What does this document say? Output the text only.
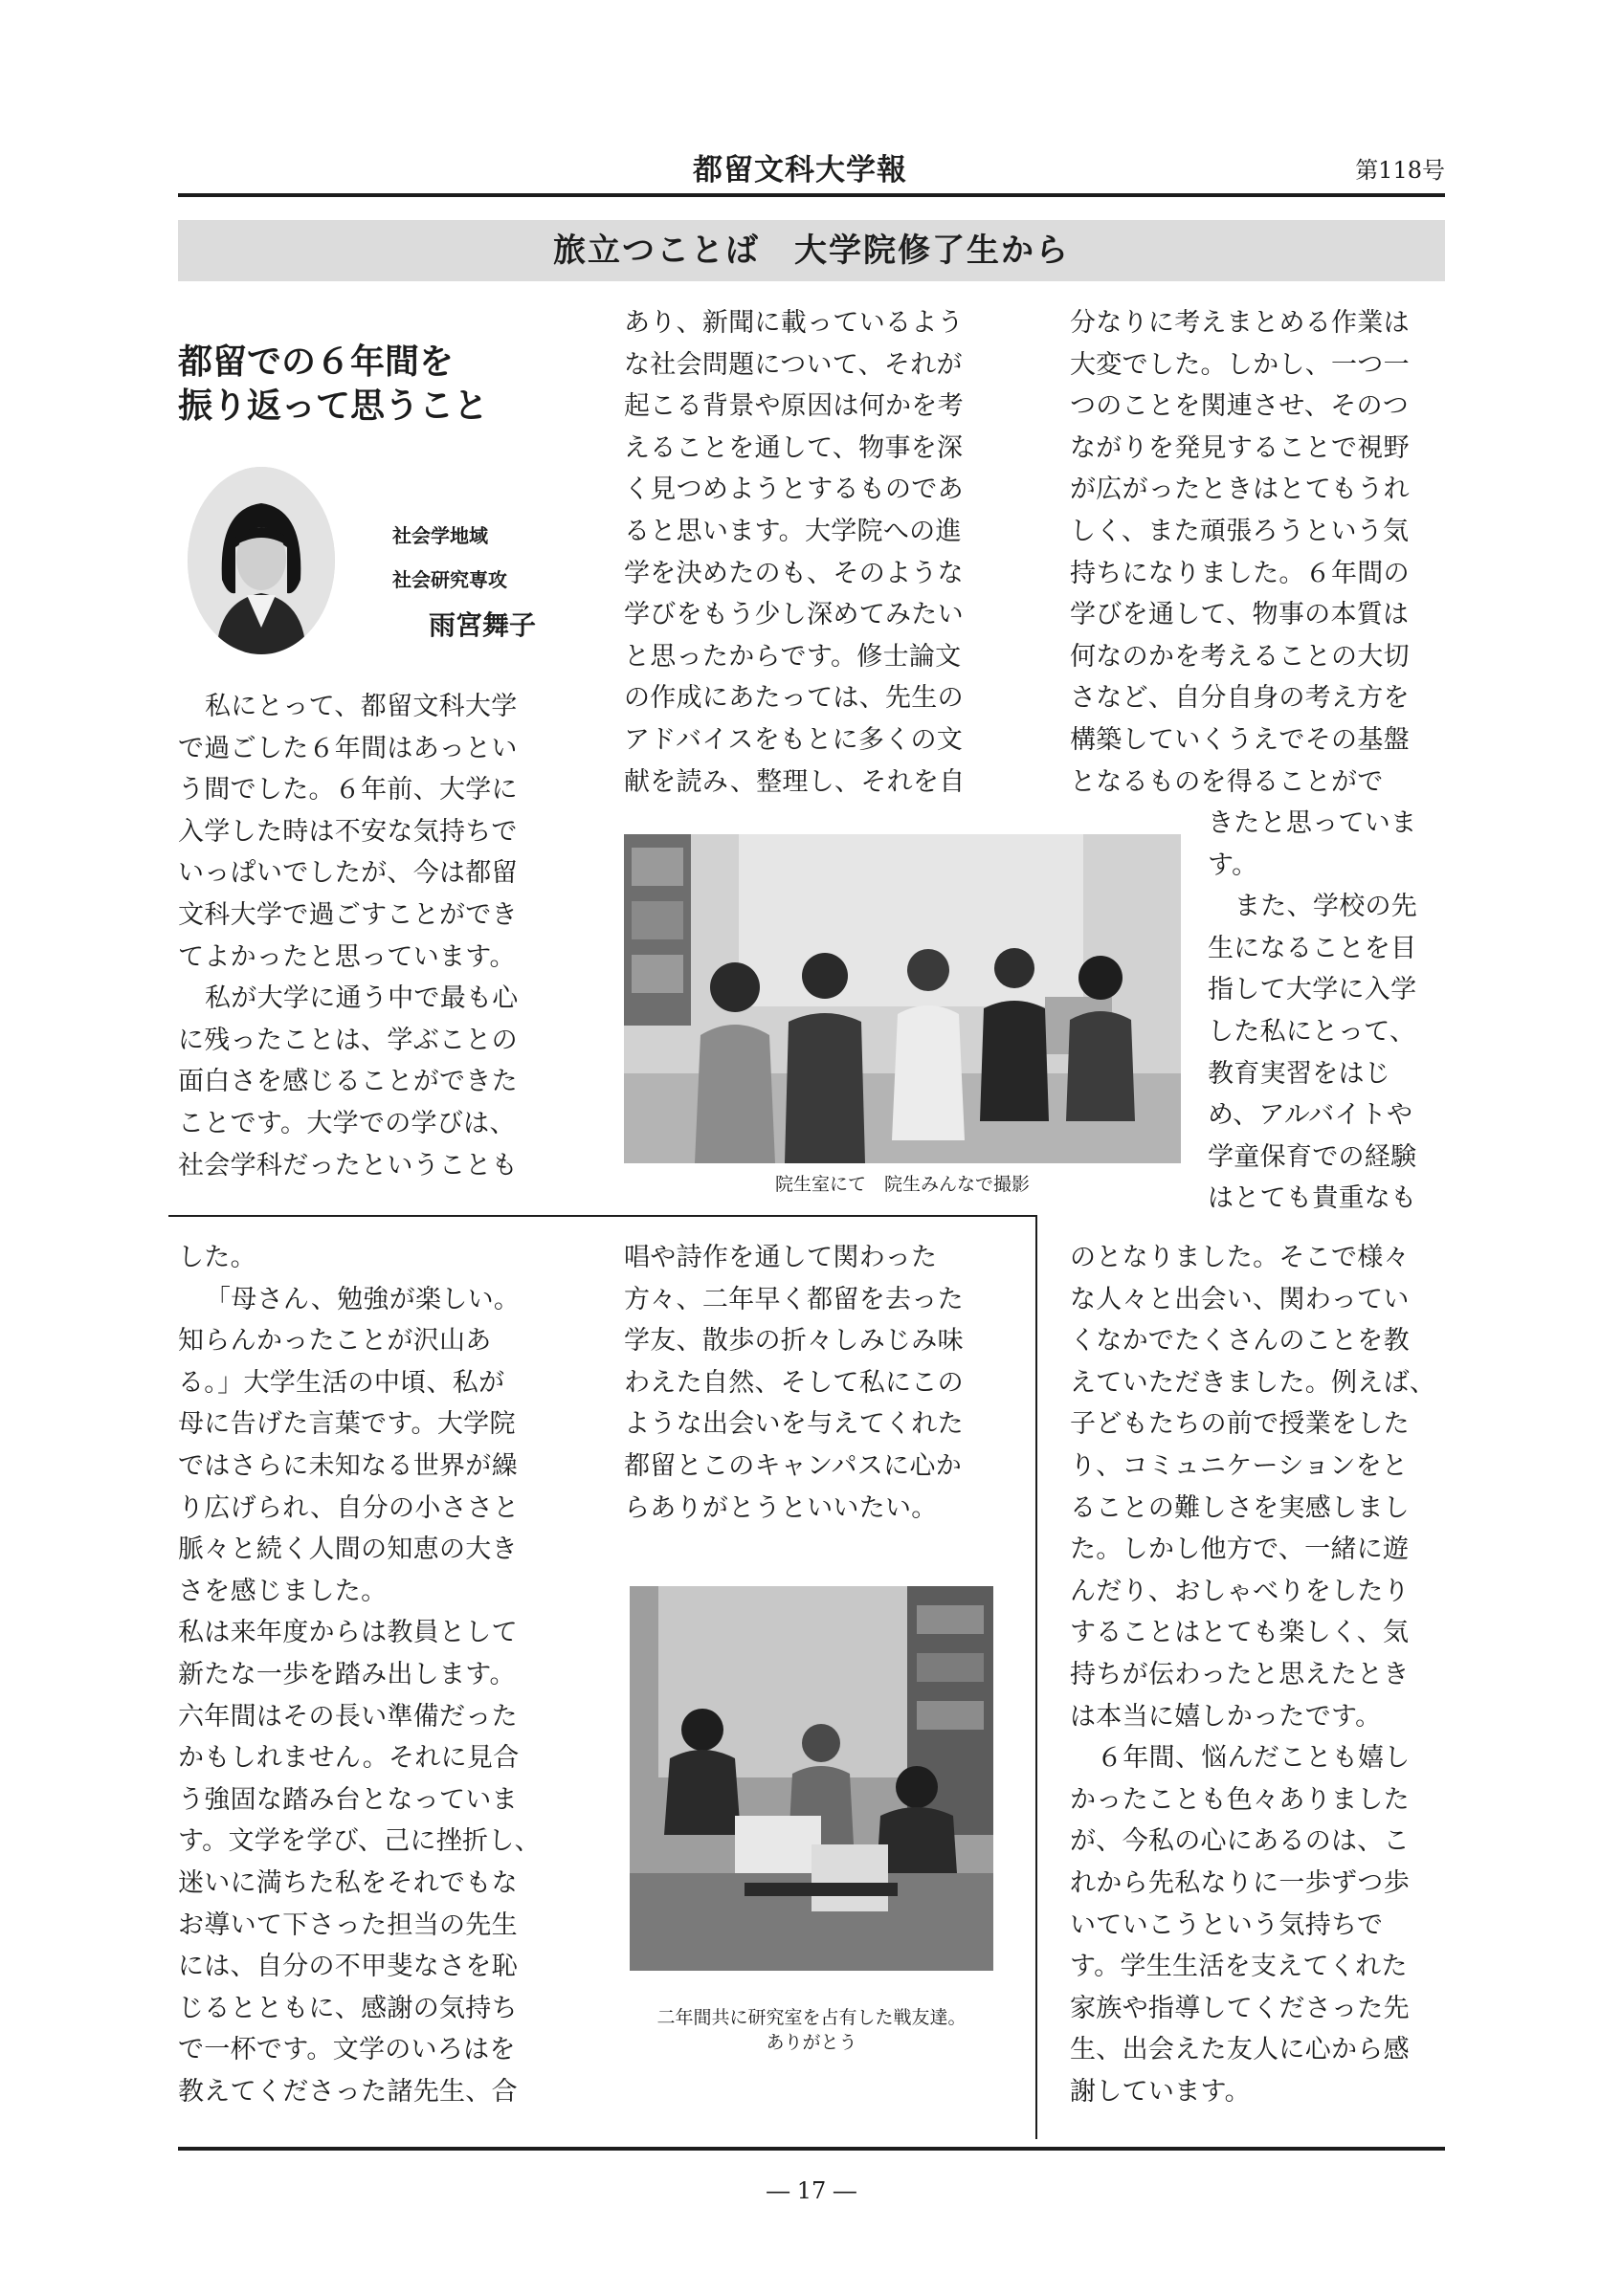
都留文科大学報	第118号
旅立つことば　大学院修了生から
都留での６年間を
振り返って思うこと
社会学地域
社会研究専攻
雨宮舞子
私にとって、都留文科大学
で過ごした６年間はあっとい
う間でした。６年前、大学に
入学した時は不安な気持ちで
いっぱいでしたが、今は都留
文科大学で過ごすことができ
てよかったと思っています。
私が大学に通う中で最も心
に残ったことは、学ぶことの
面白さを感じることができた
ことです。大学での学びは、
社会学科だったということも
あり、新聞に載っているよう
な社会問題について、それが
起こる背景や原因は何かを考
えることを通して、物事を深
く見つめようとするものであ
ると思います。大学院への進
学を決めたのも、そのような
学びをもう少し深めてみたい
と思ったからです。修士論文
の作成にあたっては、先生の
アドバイスをもとに多くの文
献を読み、整理し、それを自
分なりに考えまとめる作業は
大変でした。しかし、一つ一
つのことを関連させ、そのつ
ながりを発見することで視野
が広がったときはとてもうれ
しく、また頑張ろうという気
持ちになりました。６年間の
学びを通して、物事の本質は
何なのかを考えることの大切
さなど、自分自身の考え方を
構築していくうえでその基盤
となるものを得ることがで
きたと思っていま
す。
また、学校の先
生になることを目
指して大学に入学
した私にとって、
教育実習をはじ
め、アルバイトや
学童保育での経験
はとても貴重なも
院生室にて　院生みんなで撮影
した。
「母さん、勉強が楽しい。
知らんかったことが沢山あ
る。」大学生活の中頃、私が
母に告げた言葉です。大学院
ではさらに未知なる世界が繰
り広げられ、自分の小ささと
脈々と続く人間の知恵の大き
さを感じました。
私は来年度からは教員として
新たな一歩を踏み出します。
六年間はその長い準備だった
かもしれません。それに見合
う強固な踏み台となっていま
す。文学を学び、己に挫折し、
迷いに満ちた私をそれでもな
お導いて下さった担当の先生
には、自分の不甲斐なさを恥
じるとともに、感謝の気持ち
で一杯です。文学のいろはを
教えてくださった諸先生、合
唱や詩作を通して関わった
方々、二年早く都留を去った
学友、散歩の折々しみじみ味
わえた自然、そして私にこの
ような出会いを与えてくれた
都留とこのキャンパスに心か
らありがとうといいたい。
二年間共に研究室を占有した戦友達。
ありがとう
のとなりました。そこで様々
な人々と出会い、関わってい
くなかでたくさんのことを教
えていただきました。例えば、
子どもたちの前で授業をした
り、コミュニケーションをと
ることの難しさを実感しまし
た。しかし他方で、一緒に遊
んだり、おしゃべりをしたり
することはとても楽しく、気
持ちが伝わったと思えたとき
は本当に嬉しかったです。
６年間、悩んだことも嬉し
かったことも色々ありました
が、今私の心にあるのは、こ
れから先私なりに一歩ずつ歩
いていこうという気持ちで
す。学生生活を支えてくれた
家族や指導してくださった先
生、出会えた友人に心から感
謝しています。
― 17 ―
